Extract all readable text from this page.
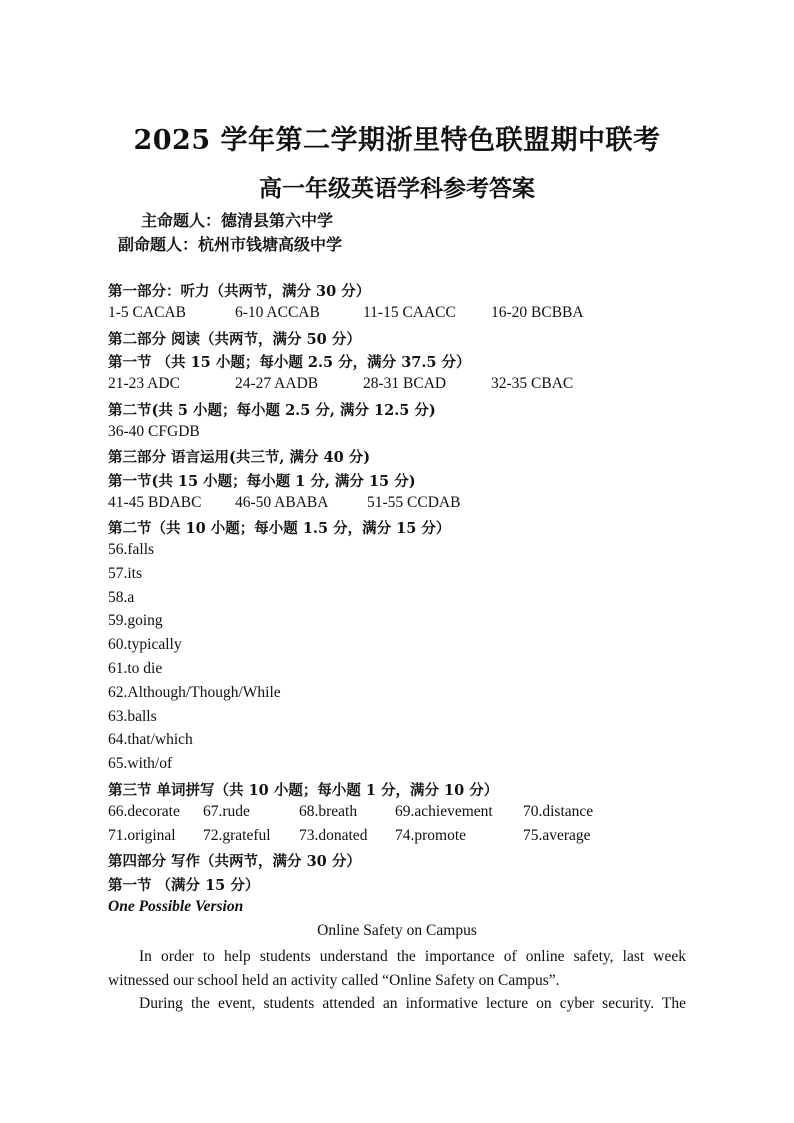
2025 学年第二学期浙里特色联盟期中联考
高一年级英语学科参考答案
主命题人：德清县第六中学
副命题人：杭州市钱塘高级中学
第一部分：听力（共两节，满分 30 分）
1-5 CACAB	6-10 ACCAB	11-15 CAACC 16-20 BCBBA
第二部分 阅读（共两节，满分 50 分）
第一节 （共 15 小题；每小题 2.5 分，满分 37.5 分）
21-23 ADC	24-27 AADB	28-31 BCAD	32-35 CBAC
第二节(共 5 小题；每小题 2.5 分, 满分 12.5 分)
36-40 CFGDB
第三部分 语言运用(共三节, 满分 40 分)
第一节(共 15 小题；每小题 1 分, 满分 15 分)
41-45 BDABC 46-50 ABABA 51-55 CCDAB
第二节（共 10 小题；每小题 1.5 分，满分 15 分）
56.falls
57.its
58.a
59.going
60.typically
61.to die
62.Although/Though/While
63.balls
64.that/which
65.with/of
第三节 单词拼写（共 10 小题；每小题 1 分，满分 10 分）
66.decorate 67.rude	68.breath 69.achievement 70.distance
71.original 72.grateful 73.donated 74.promote	75.average
第四部分 写作（共两节，满分 30 分）
第一节 （满分 15 分）
One Possible Version
Online Safety on Campus
In order to help students understand the importance of online safety, last week witnessed our school held an activity called “Online Safety on Campus”.
During the event, students attended an informative lecture on cyber security. The
